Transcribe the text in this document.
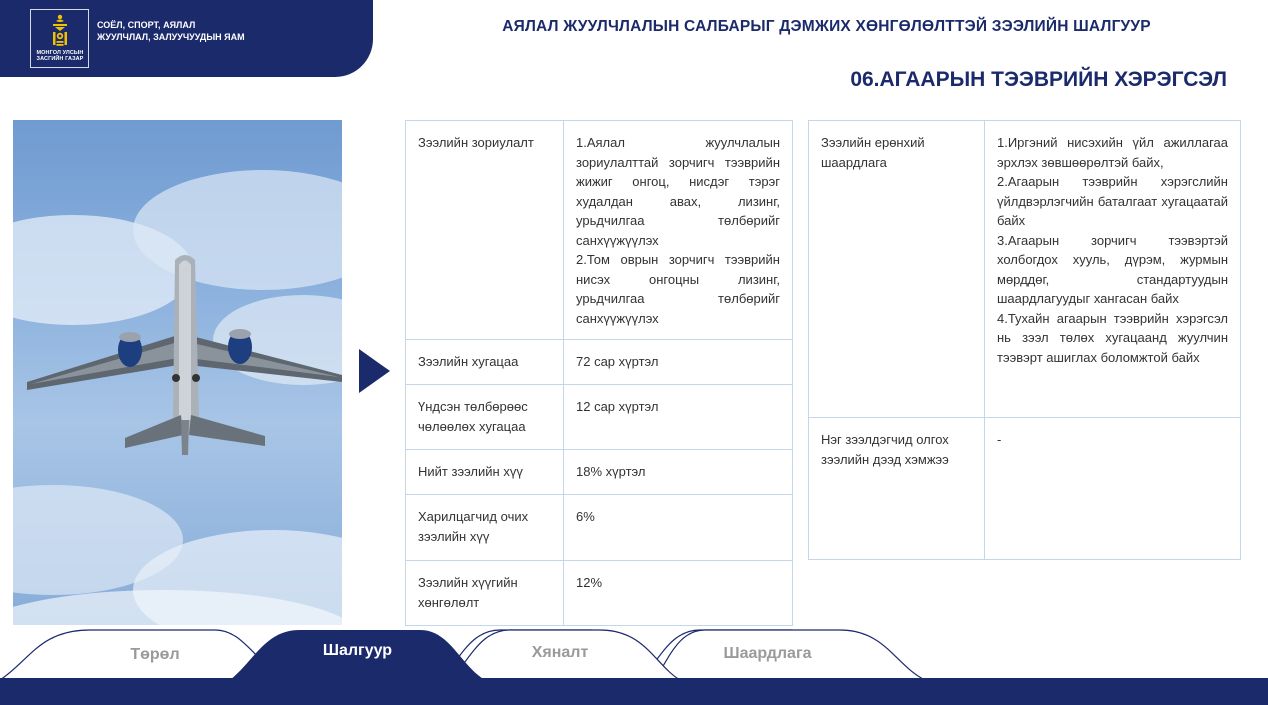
МОНГОЛ УЛСЫН ЗАСГИЙН ГАЗАР
СОЁЛ, СПОРТ, АЯЛАЛ ЖУУЛЧЛАЛ, ЗАЛУУЧУУДЫН ЯАМ
АЯЛАЛ ЖУУЛЧЛАЛЫН САЛБАРЫГ ДЭМЖИХ ХӨНГӨЛӨЛТТЭЙ ЗЭЭЛИЙН ШАЛГУУР
06.АГААРЫН ТЭЭВРИЙН ХЭРЭГСЭЛ
Зээлийн зориулалт	1.Аялал жуулчлалын зориулалттай зорчигч тээврийн жижиг онгоц, нисдэг тэрэг худалдан авах, лизинг, урьдчилгаа төлбөрийг санхүүжүүлэх
2.Том оврын зорчигч тээврийн нисэх онгоцны лизинг, урьдчилгаа төлбөрийг санхүүжүүлэх
Зээлийн хугацаа	72 сар хүртэл
Үндсэн төлбөрөөс чөлөөлөх хугацаа	12 сар хүртэл
Нийт зээлийн хүү	18% хүртэл
Харилцагчид очих зээлийн хүү	6%
Зээлийн хүүгийн хөнгөлөлт	12%
Зээлийн ерөнхий шаардлага	1.Иргэний нисэхийн үйл ажиллагаа эрхлэх зөвшөөрөлтэй байх,
2.Агаарын тээврийн хэрэгслийн үйлдвэрлэгчийн баталгаат хугацаатай байх
3.Агаарын зорчигч тээвэртэй холбогдох хууль, дүрэм, журмын мөрддөг, стандартуудын шаардлагуудыг хангасан байх
4.Тухайн агаарын тээврийн хэрэгсэл нь зээл төлөх хугацаанд жуулчин тээвэрт ашиглах боломжтой байх
Нэг зээлдэгчид олгох зээлийн дээд хэмжээ	-
Төрөл	Шалгуур	Хяналт	Шаардлага
